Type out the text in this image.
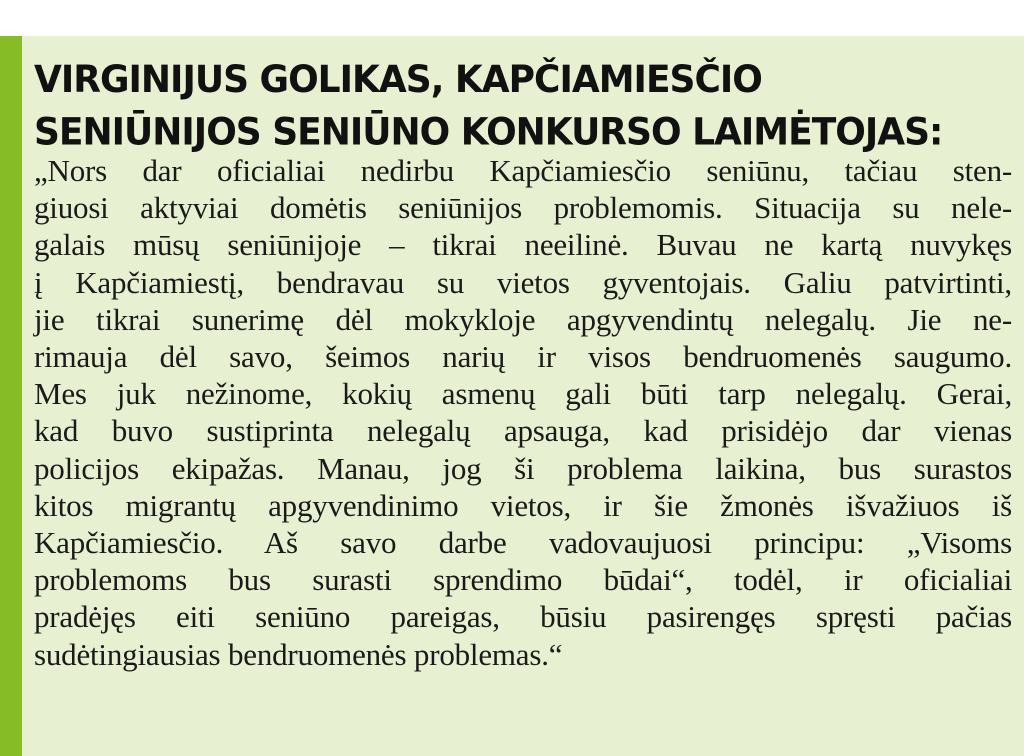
VIRGINIJUS GOLIKAS, KAPČIAMIESČIO
SENIŪNIJOS SENIŪNO KONKURSO LAIMĖTOJAS:
„Nors dar oficialiai nedirbu Kapčiamiesčio seniūnu, tačiau sten-
giuosi aktyviai domėtis seniūnijos problemomis. Situacija su nele-
galais mūsų seniūnijoje – tikrai neeilinė. Buvau ne kartą nuvykęs
į Kapčiamiestį, bendravau su vietos gyventojais. Galiu patvirtinti,
jie tikrai sunerimę dėl mokykloje apgyvendintų nelegalų. Jie ne-
rimauja dėl savo, šeimos narių ir visos bendruomenės saugumo.
Mes juk nežinome, kokių asmenų gali būti tarp nelegalų. Gerai,
kad buvo sustiprinta nelegalų apsauga, kad prisidėjo dar vienas
policijos ekipažas. Manau, jog ši problema laikina, bus surastos
kitos migrantų apgyvendinimo vietos, ir šie žmonės išvažiuos iš
Kapčiamiesčio. Aš savo darbe vadovaujuosi principu: „Visoms
problemoms bus surasti sprendimo būdai“, todėl, ir oficialiai
pradėjęs eiti seniūno pareigas, būsiu pasirengęs spręsti pačias
sudėtingiausias bendruomenės problemas.“
